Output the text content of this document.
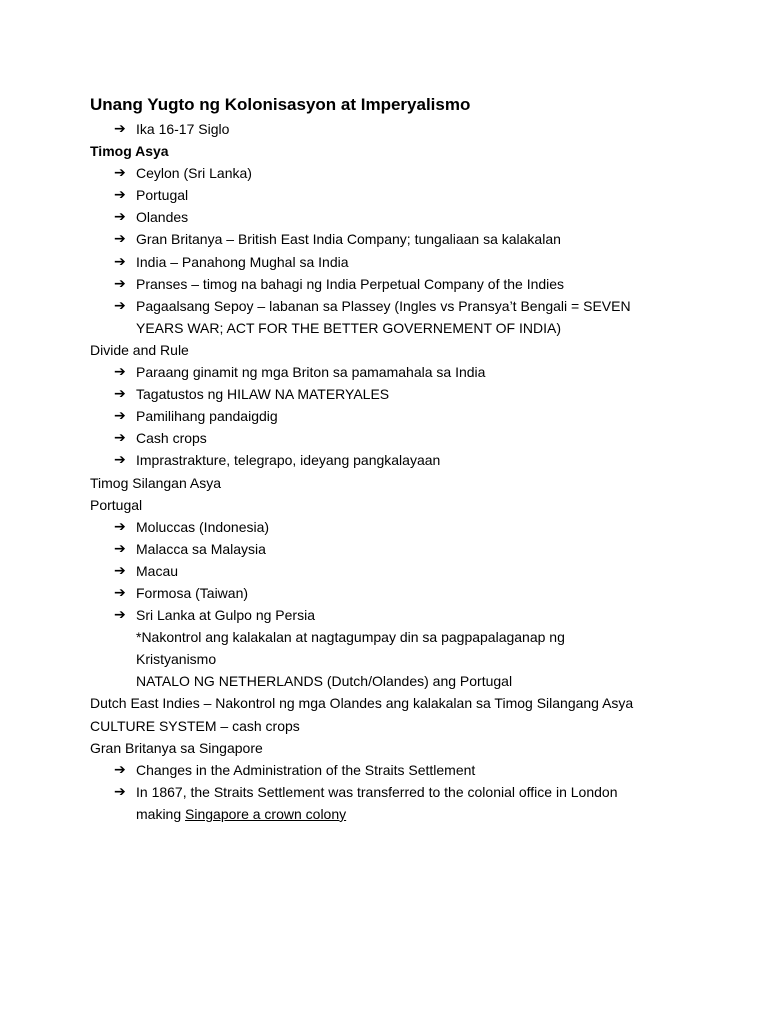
Unang Yugto ng Kolonisasyon at Imperyalismo
➔ Ika 16-17 Siglo
Timog Asya
➔ Ceylon (Sri Lanka)
➔ Portugal
➔ Olandes
➔ Gran Britanya – British East India Company; tungaliaan sa kalakalan
➔ India – Panahong Mughal sa India
➔ Pranses – timog na bahagi ng India Perpetual Company of the Indies
➔ Pagaalsang Sepoy – labanan sa Plassey (Ingles vs Pransya’t Bengali = SEVEN
YEARS WAR; ACT FOR THE BETTER GOVERNEMENT OF INDIA)
Divide and Rule
➔ Paraang ginamit ng mga Briton sa pamamahala sa India
➔ Tagatustos ng HILAW NA MATERYALES
➔ Pamilihang pandaigdig
➔ Cash crops
➔ Imprastrakture, telegrapo, ideyang pangkalayaan
Timog Silangan Asya
Portugal
➔ Moluccas (Indonesia)
➔ Malacca sa Malaysia
➔ Macau
➔ Formosa (Taiwan)
➔ Sri Lanka at Gulpo ng Persia
*Nakontrol ang kalakalan at nagtagumpay din sa pagpapalaganap ng
Kristyanismo
NATALO NG NETHERLANDS (Dutch/Olandes) ang Portugal
Dutch East Indies – Nakontrol ng mga Olandes ang kalakalan sa Timog Silangang Asya
CULTURE SYSTEM – cash crops
Gran Britanya sa Singapore
➔ Changes in the Administration of the Straits Settlement
➔ In 1867, the Straits Settlement was transferred to the colonial office in London
making Singapore a crown colony
